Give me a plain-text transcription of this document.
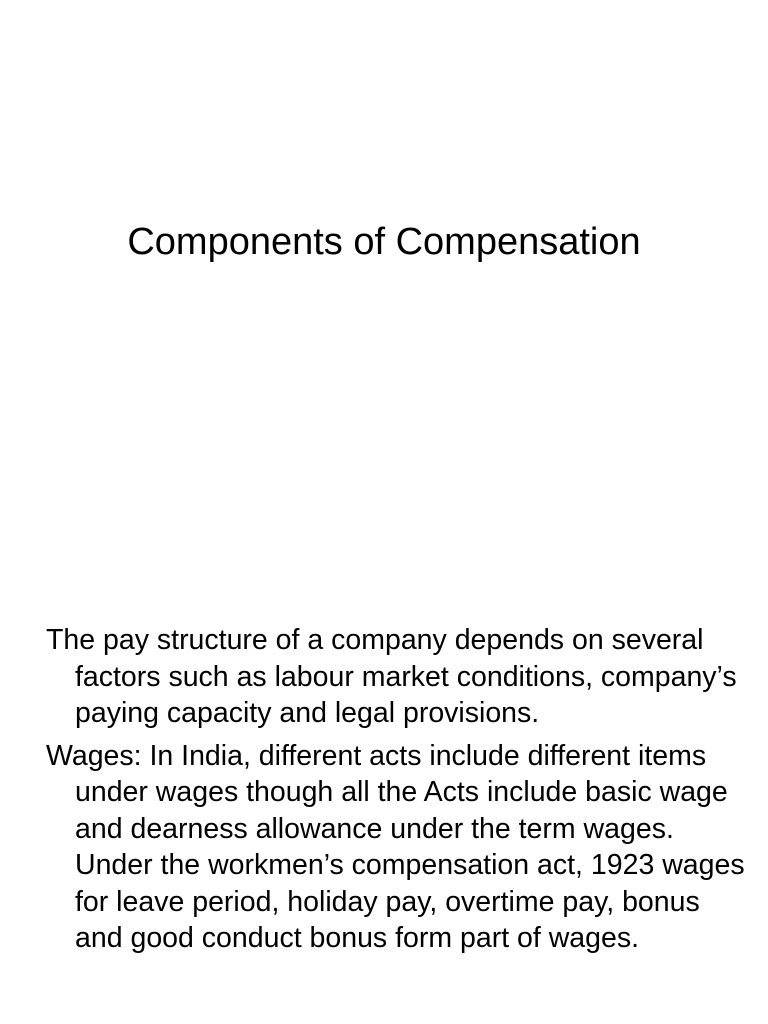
Components of Compensation

The pay structure of a company depends on several factors such as labour market conditions, company’s paying capacity and legal provisions.

Wages: In India, different acts include different items under wages though all the Acts include basic wage and dearness allowance under the term wages. Under the workmen’s compensation act, 1923 wages for leave period, holiday pay, overtime pay, bonus and good conduct bonus form part of wages.
